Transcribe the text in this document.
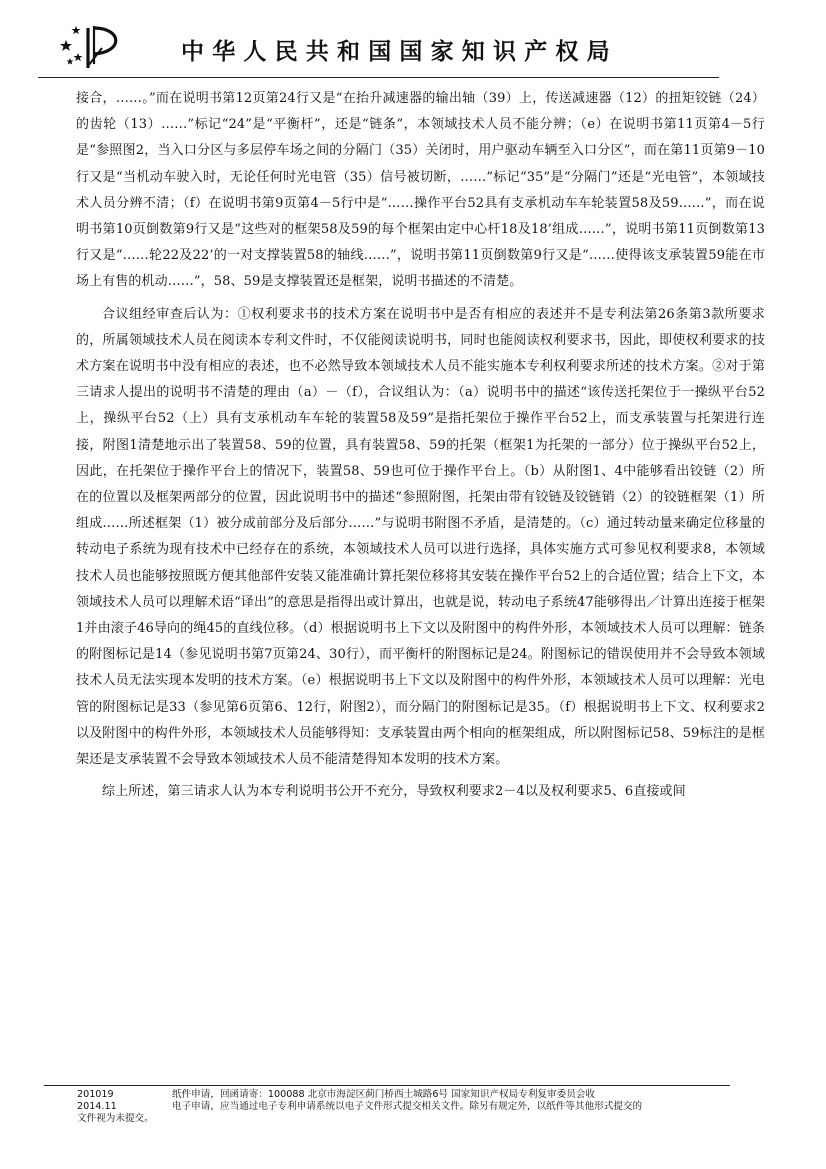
中华人民共和国国家知识产权局

接合，……。”而在说明书第12页第24行又是“在抬升减速器的输出轴（39）上，传送减速器（12）的扭矩铰链（24）的齿轮（13）……”标记“24”是“平衡杆”，还是“链条”，本领域技术人员不能分辨；（e）在说明书第11页第4－5行是“参照图2，当入口分区与多层停车场之间的分隔门（35）关闭时，用户驱动车辆至入口分区”，而在第11页第9－10行又是“当机动车驶入时，无论任何时光电管（35）信号被切断，……”标记“35”是“分隔门”还是“光电管”，本领域技术人员分辨不清；（f）在说明书第9页第4－5行中是“……操作平台52具有支承机动车车轮装置58及59……”，而在说明书第10页倒数第9行又是“这些对的框架58及59的每个框架由定中心杆18及18’组成……”，说明书第11页倒数第13行又是“……轮22及22’的一对支撑装置58的轴线……”，说明书第11页倒数第9行又是“……使得该支承装置59能在市场上有售的机动……”，58、59是支撑装置还是框架，说明书描述的不清楚。

合议组经审查后认为：①权利要求书的技术方案在说明书中是否有相应的表述并不是专利法第26条第3款所要求的，所属领域技术人员在阅读本专利文件时，不仅能阅读说明书，同时也能阅读权利要求书，因此，即使权利要求的技术方案在说明书中没有相应的表述，也不必然导致本领域技术人员不能实施本专利权利要求所述的技术方案。②对于第三请求人提出的说明书不清楚的理由（a）－（f），合议组认为：（a）说明书中的描述“该传送托架位于一操纵平台52上，操纵平台52（上）具有支承机动车车轮的装置58及59”是指托架位于操作平台52上，而支承装置与托架进行连接，附图1清楚地示出了装置58、59的位置，具有装置58、59的托架（框架1为托架的一部分）位于操纵平台52上，因此，在托架位于操作平台上的情况下，装置58、59也可位于操作平台上。（b）从附图1、4中能够看出铰链（2）所在的位置以及框架两部分的位置，因此说明书中的描述“参照附图，托架由带有铰链及铰链销（2）的铰链框架（1）所组成……所述框架（1）被分成前部分及后部分……”与说明书附图不矛盾，是清楚的。（c）通过转动量来确定位移量的转动电子系统为现有技术中已经存在的系统，本领域技术人员可以进行选择，具体实施方式可参见权利要求8，本领域技术人员也能够按照既方便其他部件安装又能准确计算托架位移将其安装在操作平台52上的合适位置；结合上下文，本领域技术人员可以理解术语“译出”的意思是指得出或计算出，也就是说，转动电子系统47能够得出／计算出连接于框架1并由滚子46导向的绳45的直线位移。（d）根据说明书上下文以及附图中的构件外形，本领域技术人员可以理解：链条的附图标记是14（参见说明书第7页第24、30行），而平衡杆的附图标记是24。附图标记的错误使用并不会导致本领域技术人员无法实现本发明的技术方案。（e）根据说明书上下文以及附图中的构件外形，本领域技术人员可以理解：光电管的附图标记是33（参见第6页第6、12行，附图2），而分隔门的附图标记是35。（f）根据说明书上下文、权利要求2以及附图中的构件外形，本领域技术人员能够得知：支承装置由两个相向的框架组成，所以附图标记58、59标注的是框架还是支承装置不会导致本领域技术人员不能清楚得知本发明的技术方案。

综上所述，第三请求人认为本专利说明书公开不充分，导致权利要求2－4以及权利要求5、6直接或间

201019	纸件申请，回函请寄：100088 北京市海淀区蓟门桥西土城路6号 国家知识产权局专利复审委员会收
2014.11	电子申请，应当通过电子专利申请系统以电子文件形式提交相关文件。除另有规定外，以纸件等其他形式提交的
文件视为未提交。
